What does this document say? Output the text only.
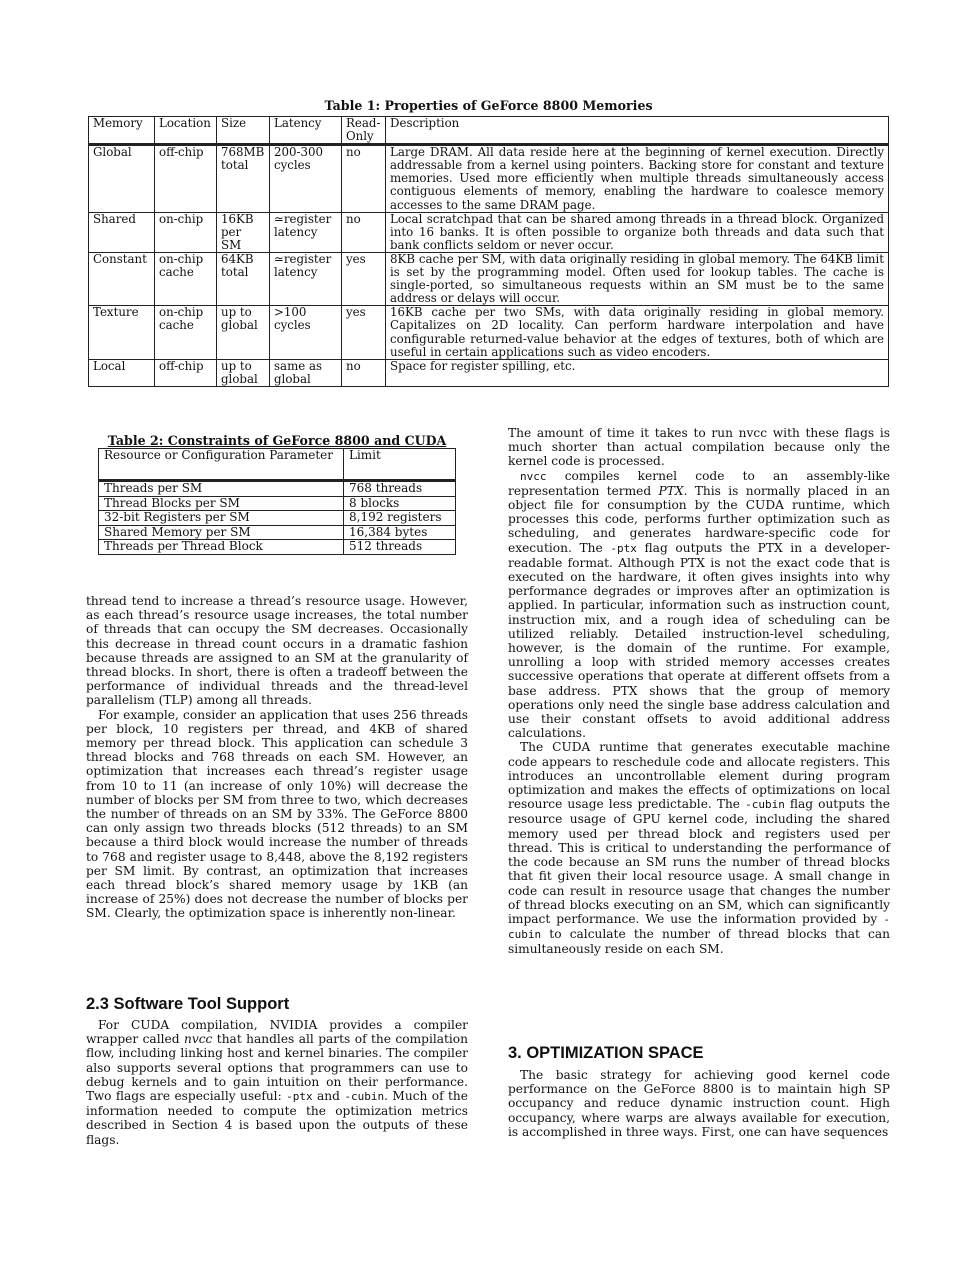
Table 1: Properties of GeForce 8800 Memories
Memory	Location	Size	Latency	Read-Only	Description
Global	off-chip	768MB total	200-300 cycles	no	Large DRAM. All data reside here at the beginning of kernel execution. Directly addressable from a kernel using pointers. Backing store for constant and texture memories. Used more efficiently when multiple threads simultaneously access contiguous elements of memory, enabling the hardware to coalesce memory accesses to the same DRAM page.
Shared	on-chip	16KB per SM	≃register latency	no	Local scratchpad that can be shared among threads in a thread block. Organized into 16 banks. It is often possible to organize both threads and data such that bank conflicts seldom or never occur.
Constant	on-chip cache	64KB total	≃register latency	yes	8KB cache per SM, with data originally residing in global memory. The 64KB limit is set by the programming model. Often used for lookup tables. The cache is single-ported, so simultaneous requests within an SM must be to the same address or delays will occur.
Texture	on-chip cache	up to global	>100 cycles	yes	16KB cache per two SMs, with data originally residing in global memory. Capitalizes on 2D locality. Can perform hardware interpolation and have configurable returned-value behavior at the edges of textures, both of which are useful in certain applications such as video encoders.
Local	off-chip	up to global	same as global	no	Space for register spilling, etc.
Table 2: Constraints of GeForce 8800 and CUDA
Resource or Configuration Parameter	Limit
Threads per SM	768 threads
Thread Blocks per SM	8 blocks
32-bit Registers per SM	8,192 registers
Shared Memory per SM	16,384 bytes
Threads per Thread Block	512 threads

thread tend to increase a thread’s resource usage. However, as each thread’s resource usage increases, the total number of threads that can occupy the SM decreases. Occasionally this decrease in thread count occurs in a dramatic fashion because threads are assigned to an SM at the granularity of thread blocks. In short, there is often a tradeoff between the performance of individual threads and the thread-level parallelism (TLP) among all threads.

For example, consider an application that uses 256 threads per block, 10 registers per thread, and 4KB of shared memory per thread block. This application can schedule 3 thread blocks and 768 threads on each SM. However, an optimization that increases each thread’s register usage from 10 to 11 (an increase of only 10%) will decrease the number of blocks per SM from three to two, which decreases the number of threads on an SM by 33%. The GeForce 8800 can only assign two threads blocks (512 threads) to an SM because a third block would increase the number of threads to 768 and register usage to 8,448, above the 8,192 registers per SM limit. By contrast, an optimization that increases each thread block’s shared memory usage by 1KB (an increase of 25%) does not decrease the number of blocks per SM. Clearly, the optimization space is inherently non-linear.

2.3 Software Tool Support

For CUDA compilation, NVIDIA provides a compiler wrapper called nvcc that handles all parts of the compilation flow, including linking host and kernel binaries. The compiler also supports several options that programmers can use to debug kernels and to gain intuition on their performance. Two flags are especially useful: -ptx and -cubin. Much of the information needed to compute the optimization metrics described in Section 4 is based upon the outputs of these flags.

The amount of time it takes to run nvcc with these flags is much shorter than actual compilation because only the kernel code is processed.

nvcc compiles kernel code to an assembly-like representation termed PTX. This is normally placed in an object file for consumption by the CUDA runtime, which processes this code, performs further optimization such as scheduling, and generates hardware-specific code for execution. The -ptx flag outputs the PTX in a developer-readable format. Although PTX is not the exact code that is executed on the hardware, it often gives insights into why performance degrades or improves after an optimization is applied. In particular, information such as instruction count, instruction mix, and a rough idea of scheduling can be utilized reliably. Detailed instruction-level scheduling, however, is the domain of the runtime. For example, unrolling a loop with strided memory accesses creates successive operations that operate at different offsets from a base address. PTX shows that the group of memory operations only need the single base address calculation and use their constant offsets to avoid additional address calculations.

The CUDA runtime that generates executable machine code appears to reschedule code and allocate registers. This introduces an uncontrollable element during program optimization and makes the effects of optimizations on local resource usage less predictable. The -cubin flag outputs the resource usage of GPU kernel code, including the shared memory used per thread block and registers used per thread. This is critical to understanding the performance of the code because an SM runs the number of thread blocks that fit given their local resource usage. A small change in code can result in resource usage that changes the number of thread blocks executing on an SM, which can significantly impact performance. We use the information provided by -cubin to calculate the number of thread blocks that can simultaneously reside on each SM.

3. OPTIMIZATION SPACE

The basic strategy for achieving good kernel code performance on the GeForce 8800 is to maintain high SP occupancy and reduce dynamic instruction count. High occupancy, where warps are always available for execution, is accomplished in three ways. First, one can have sequences
